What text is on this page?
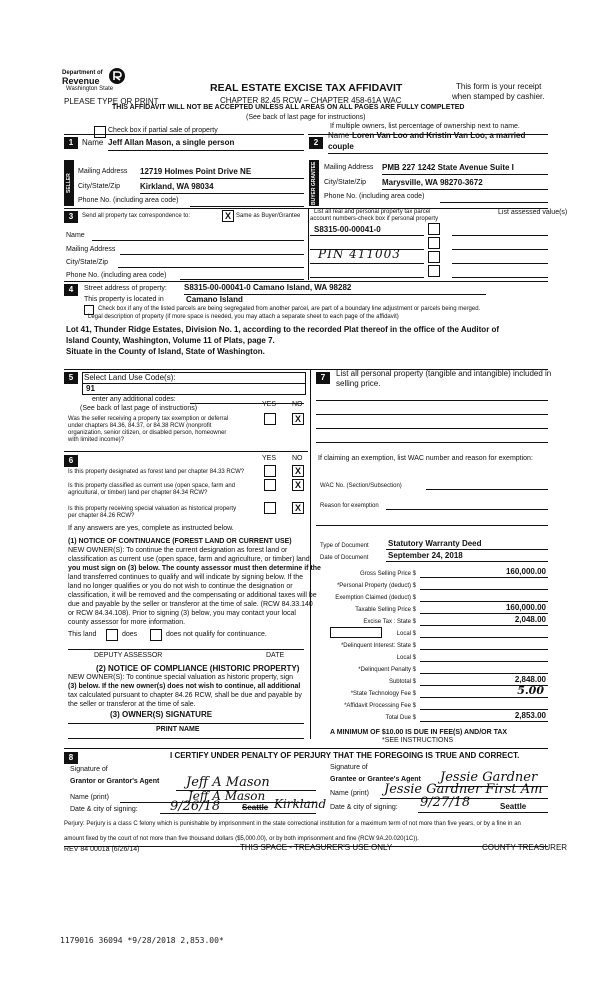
Department of
Revenue
Washington State	REAL ESTATE EXCISE TAX AFFIDAVIT	This form is your receipt
when stamped by cashier.
PLEASE TYPE OR PRINT	CHAPTER 82.45 RCW – CHAPTER 458-61A WAC
THIS AFFIDAVIT WILL NOT BE ACCEPTED UNLESS ALL AREAS ON ALL PAGES ARE FULLY COMPLETED
(See back of last page for instructions)
Check box if partial sale of property
If multiple owners, list percentage of ownership next to name.
1	Name Jeff Allan Mason, a single person
SELLER GRANTOR
Mailing Address 12719 Holmes Point Drive NE
City/State/Zip Kirkland, WA 98034
Phone No. (including area code)
2
Name Loren Van Loo and Kristin Van Loo, a married
couple
BUYER GRANTEE Mailing Address PMB 227 1242 State Avenue Suite I
City/State/Zip Marysville, WA 98270-3672
Phone No. (including area code)
3	Send all property tax correspondence to:	X Same as Buyer/Grantee
Name
Mailing Address
City/State/Zip
Phone No. (including area code)
List all real and personal property tax parcel
account numbers-check box if personal property
List assessed value(s)
S8315-00-00041-0
PIN 411003
4	Street address of property: S8315-00-00041-0 Camano Island, WA 98282
This property is located in	Camano Island
Check box if any of the listed parcels are being segregated from another parcel, are part of a boundary line adjustment or parcels being merged.
Legal description of property (if more space is needed, you may attach a separate sheet to each page of the affidavit)
Lot 41, Thunder Ridge Estates, Division No. 1, according to the recorded Plat thereof in the office of the Auditor of
Island County, Washington, Volume 11 of Plats, page 7.
Situate in the County of Island, State of Washington.
5	Select Land Use Code(s):
91
enter any additional codes:
(See back of last page of instructions)
YES NO
Was the seller receiving a property tax exemption or deferral
under chapters 84.36, 84.37, or 84.38 RCW (nonprofit
organization, senior citizen, or disabled person, homeowner
with limited income)?
X
6	YES NO
Is this property designated as forest land per chapter 84.33 RCW?	X
Is this property classified as current use (open space, farm and
agricultural, or timber) land per chapter 84.34 RCW?
X
Is this property receiving special valuation as historical property
per chapter 84.26 RCW?
X
If any answers are yes, complete as instructed below.
(1) NOTICE OF CONTINUANCE (FOREST LAND OR CURRENT USE)
NEW OWNER(S): To continue the current designation as forest land or
classification as current use (open space, farm and agriculture, or timber) land,
you must sign on (3) below. The county assessor must then determine if the
land transferred continues to qualify and will indicate by signing below. If the
land no longer qualifies or you do not wish to continue the designation or
classification, it will be removed and the compensating or additional taxes will be
due and payable by the seller or transferor at the time of sale. (RCW 84.33.140
or RCW 84.34.108). Prior to signing (3) below, you may contact your local
county assessor for more information.
This land	does	does not qualify for continuance.
DEPUTY ASSESSOR	DATE
(2) NOTICE OF COMPLIANCE (HISTORIC PROPERTY)
NEW OWNER(S): To continue special valuation as historic property, sign
(3) below. If the new owner(s) does not wish to continue, all additional
tax calculated pursuant to chapter 84.26 RCW, shall be due and payable by
the seller or transferor at the time of sale.
(3) OWNER(S) SIGNATURE
PRINT NAME
7	List all personal property (tangible and intangible) included in
selling price.
If claiming an exemption, list WAC number and reason for exemption:
WAC No. (Section/Subsection)
Reason for exemption
Type of Document Statutory Warranty Deed
Date of Document September 24, 2018
Gross Selling Price $	160,000.00
*Personal Property (deduct) $
Exemption Claimed (deduct) $
Taxable Selling Price $	160,000.00
Excise Tax : State $	2,048.00
Local $
*Delinquent Interest: State $
Local $
*Delinquent Penalty $
Subtotal $	2,848.00
*State Technology Fee $	5.00
*Affidavit Processing Fee $
Total Due $	2,853.00
A MINIMUM OF $10.00 IS DUE IN FEE(S) AND/OR TAX
*SEE INSTRUCTIONS
8	I CERTIFY UNDER PENALTY OF PERJURY THAT THE FOREGOING IS TRUE AND CORRECT.
Signature of
Grantor or Grantor's Agent Jeff A Mason
Name (print)	Jeff A Mason
Date & city of signing: 9/26/18	Seattle Kirkland
Signature of
Grantee or Grantee's Agent Jessie Gardner
Name (print) Jessie Gardner First Am
Date & city of signing: 9/27/18	Seattle
Perjury: Perjury is a class C felony which is punishable by imprisonment in the state correctional institution for a maximum term of not more than five years, or by a fine in an
amount fixed by the court of not more than five thousand dollars ($5,000.00), or by both imprisonment and fine (RCW 9A.20.020(1C)).
REV 84 0001a (6/26/14)	THIS SPACE - TREASURER'S USE ONLY	COUNTY TREASURER
1179016 36094 *9/28/2018 2,853.00*
